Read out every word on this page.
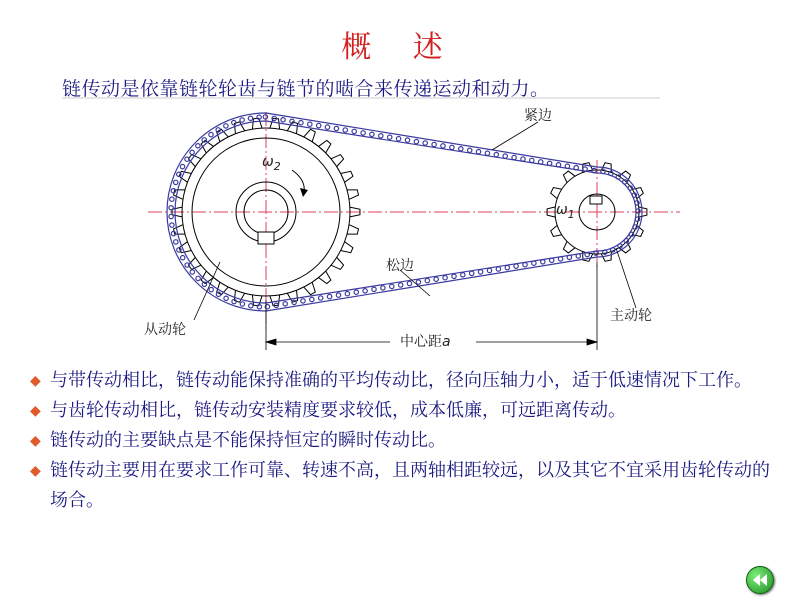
概 述
链传动是依靠链轮轮齿与链节的啮合来传递运动和动力。
紧边
松边
从动轮
主动轮
中心距a
$\omega_2$
$\omega_1$
◆ 与带传动相比，链传动能保持准确的平均传动比，径向压轴力小，适于低速情况下工作。
◆ 与齿轮传动相比，链传动安装精度要求较低，成本低廉，可远距离传动。
◆ 链传动的主要缺点是不能保持恒定的瞬时传动比。
◆ 链传动主要用在要求工作可靠、转速不高，且两轴相距较远，以及其它不宜采用齿轮传动的场合。
